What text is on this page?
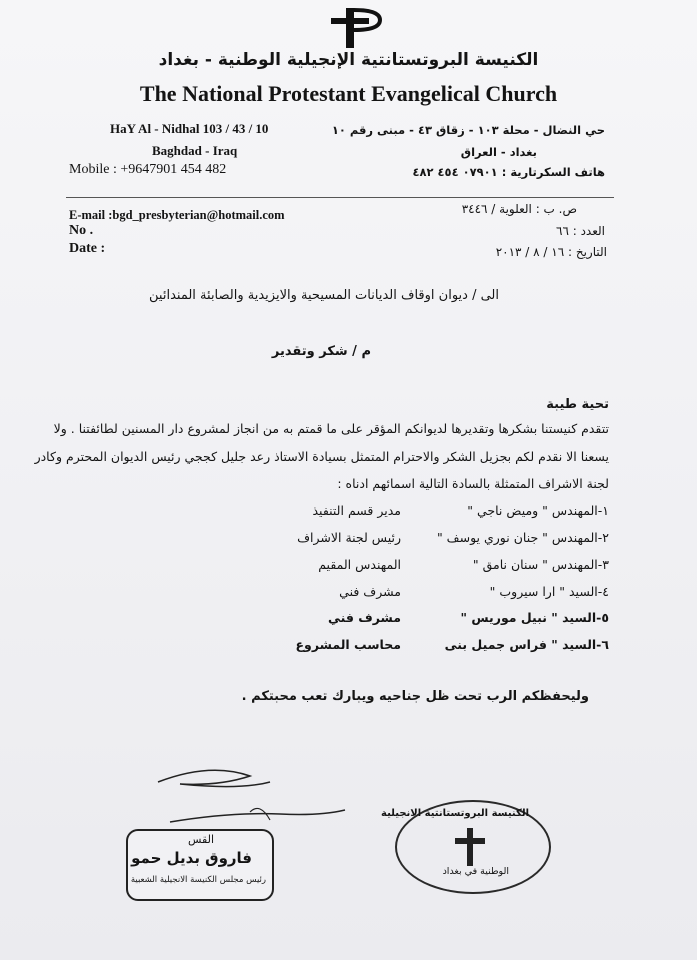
الكنيسة البروتستانتية الإنجيلية الوطنية - بغداد
The National Protestant Evangelical Church
HaY Al - Nidhal 103 / 43 / 10
Baghdad - Iraq
Mobile : +9647901 454 482
حي النضال - محلة ١٠٣ - زقاق ٤٣ - مبنى رقم ١٠
بغداد - العراق
هاتف السكرتارية : ٠٧٩٠١ ٤٥٤ ٤٨٢
E-mail :bgd_presbyterian@hotmail.com
No .
Date :
ص. ب : العلوية / ٣٤٤٦
العدد : ٦٦
التاريخ : ١٦ / ٨ / ٢٠١٣
الى / ديوان اوقاف الديانات المسيحية والايزيدية والصابئة المندائين
م / شكر وتقدير
تحية طيبة
تتقدم كنيستنا بشكرها وتقديرها لديوانكم المؤقر على ما قمتم به من انجاز لمشروع دار المسنين لطائفتنا . ولا
يسعنا الا نقدم لكم بجزيل الشكر والاحترام المتمثل بسيادة الاستاذ رعد جليل كججي رئيس الديوان المحترم وكادر
لجنة الاشراف المتمثلة بالسادة التالية اسمائهم ادناه :
١-المهندس " وميض ناجي "
مدير قسم التنفيذ
٢-المهندس " جنان نوري يوسف "
رئيس لجنة الاشراف
٣-المهندس " سنان نامق "
المهندس المقيم
٤-السيد " ارا سيروب "
مشرف فني
٥-السيد " نبيل موريس "
مشرف فني
٦-السيد " فراس جميل بنى
محاسب المشروع
وليحفظكم الرب تحت ظل جناحيه ويبارك تعب محبتكم .
القس
فاروق بديل حمو
رئيس مجلس الكنيسة الانجيلية الشعبية
الكنيسة البروتستانتية الانجيلية
الوطنية في بغداد
